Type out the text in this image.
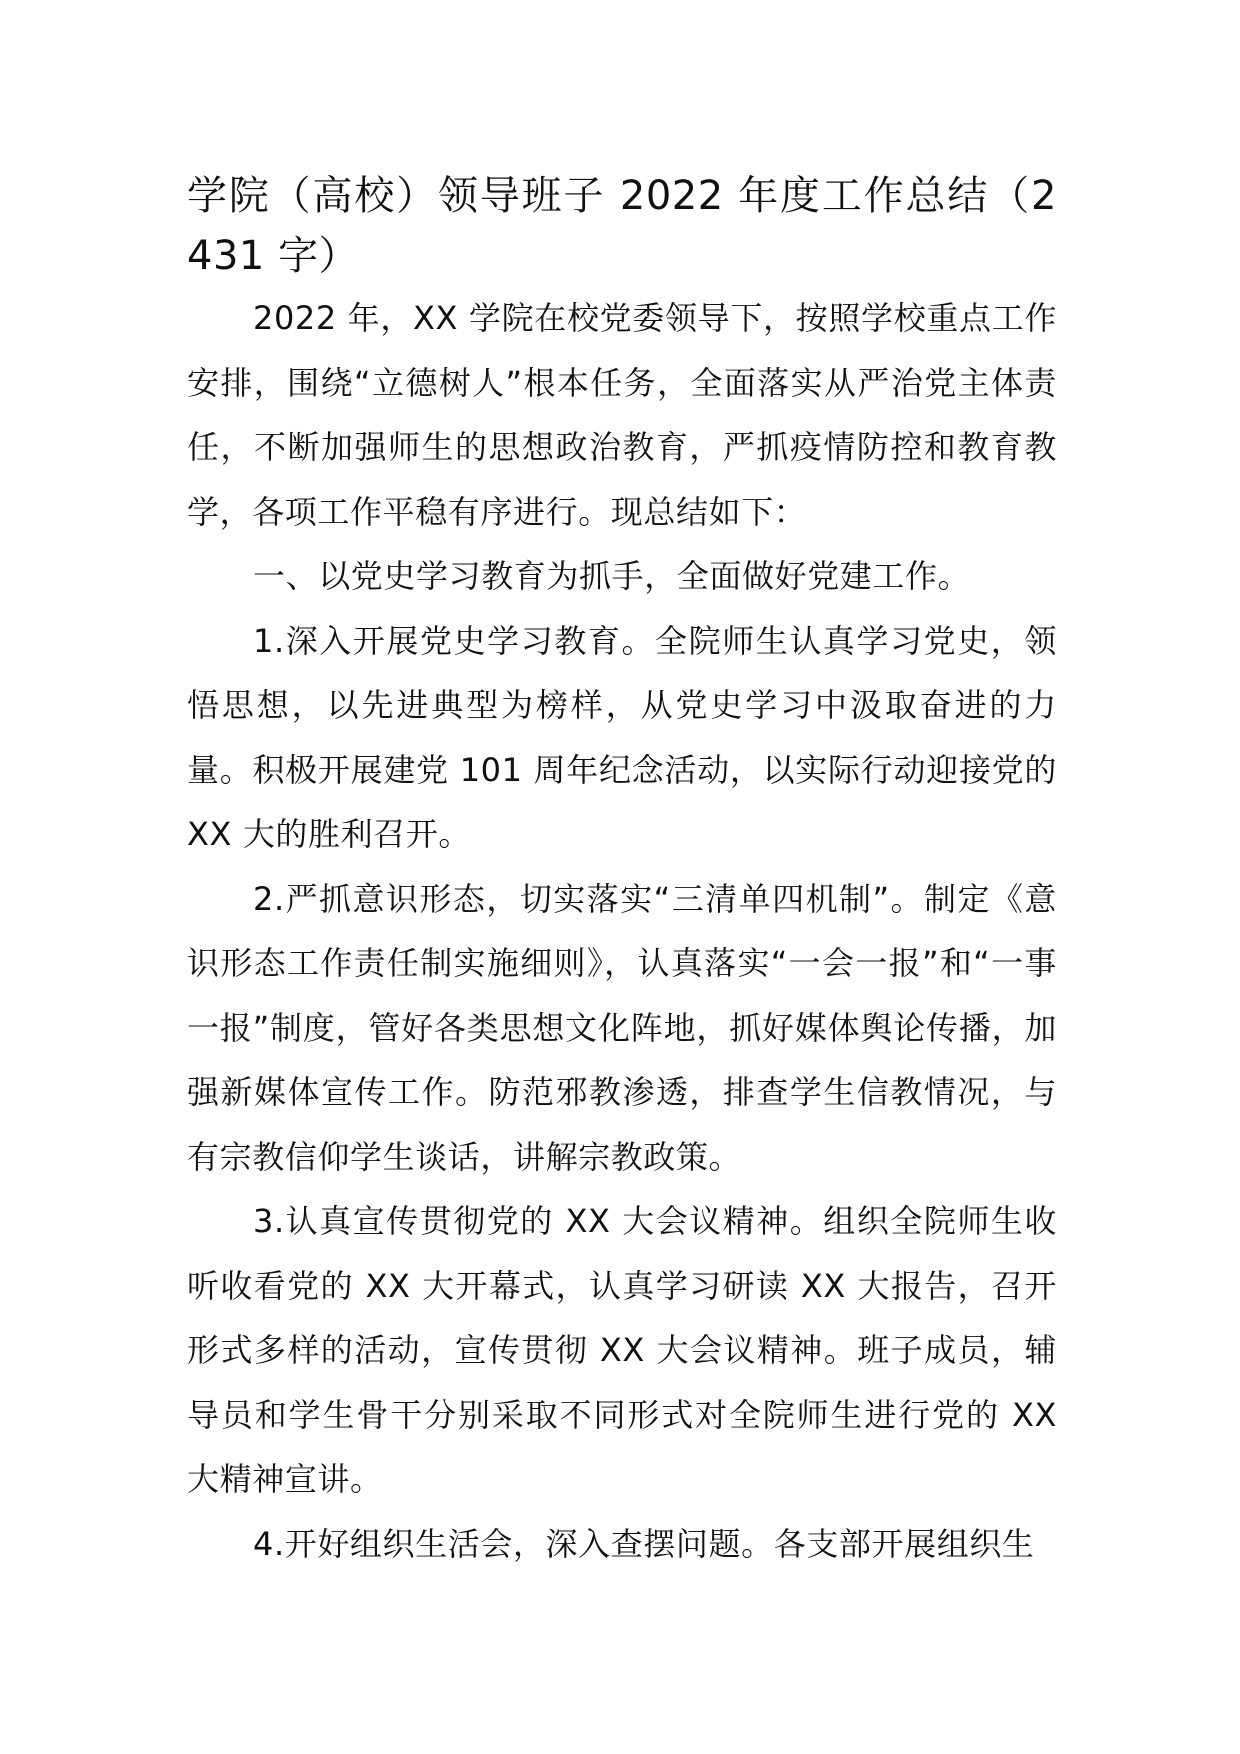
学院（高校）领导班子 2022 年度工作总结（2431 字）

2022 年，XX 学院在校党委领导下，按照学校重点工作安排，围绕“立德树人”根本任务，全面落实从严治党主体责任，不断加强师生的思想政治教育，严抓疫情防控和教育教学，各项工作平稳有序进行。现总结如下：

一、以党史学习教育为抓手，全面做好党建工作。

1.深入开展党史学习教育。全院师生认真学习党史，领悟思想，以先进典型为榜样，从党史学习中汲取奋进的力量。积极开展建党 101 周年纪念活动，以实际行动迎接党的 XX 大的胜利召开。

2.严抓意识形态，切实落实“三清单四机制”。制定《意识形态工作责任制实施细则》，认真落实“一会一报”和“一事一报”制度，管好各类思想文化阵地，抓好媒体舆论传播，加强新媒体宣传工作。防范邪教渗透，排查学生信教情况，与有宗教信仰学生谈话，讲解宗教政策。

3.认真宣传贯彻党的 XX 大会议精神。组织全院师生收听收看党的 XX 大开幕式，认真学习研读 XX 大报告，召开形式多样的活动，宣传贯彻 XX 大会议精神。班子成员，辅导员和学生骨干分别采取不同形式对全院师生进行党的 XX 大精神宣讲。

4.开好组织生活会，深入查摆问题。各支部开展组织生
